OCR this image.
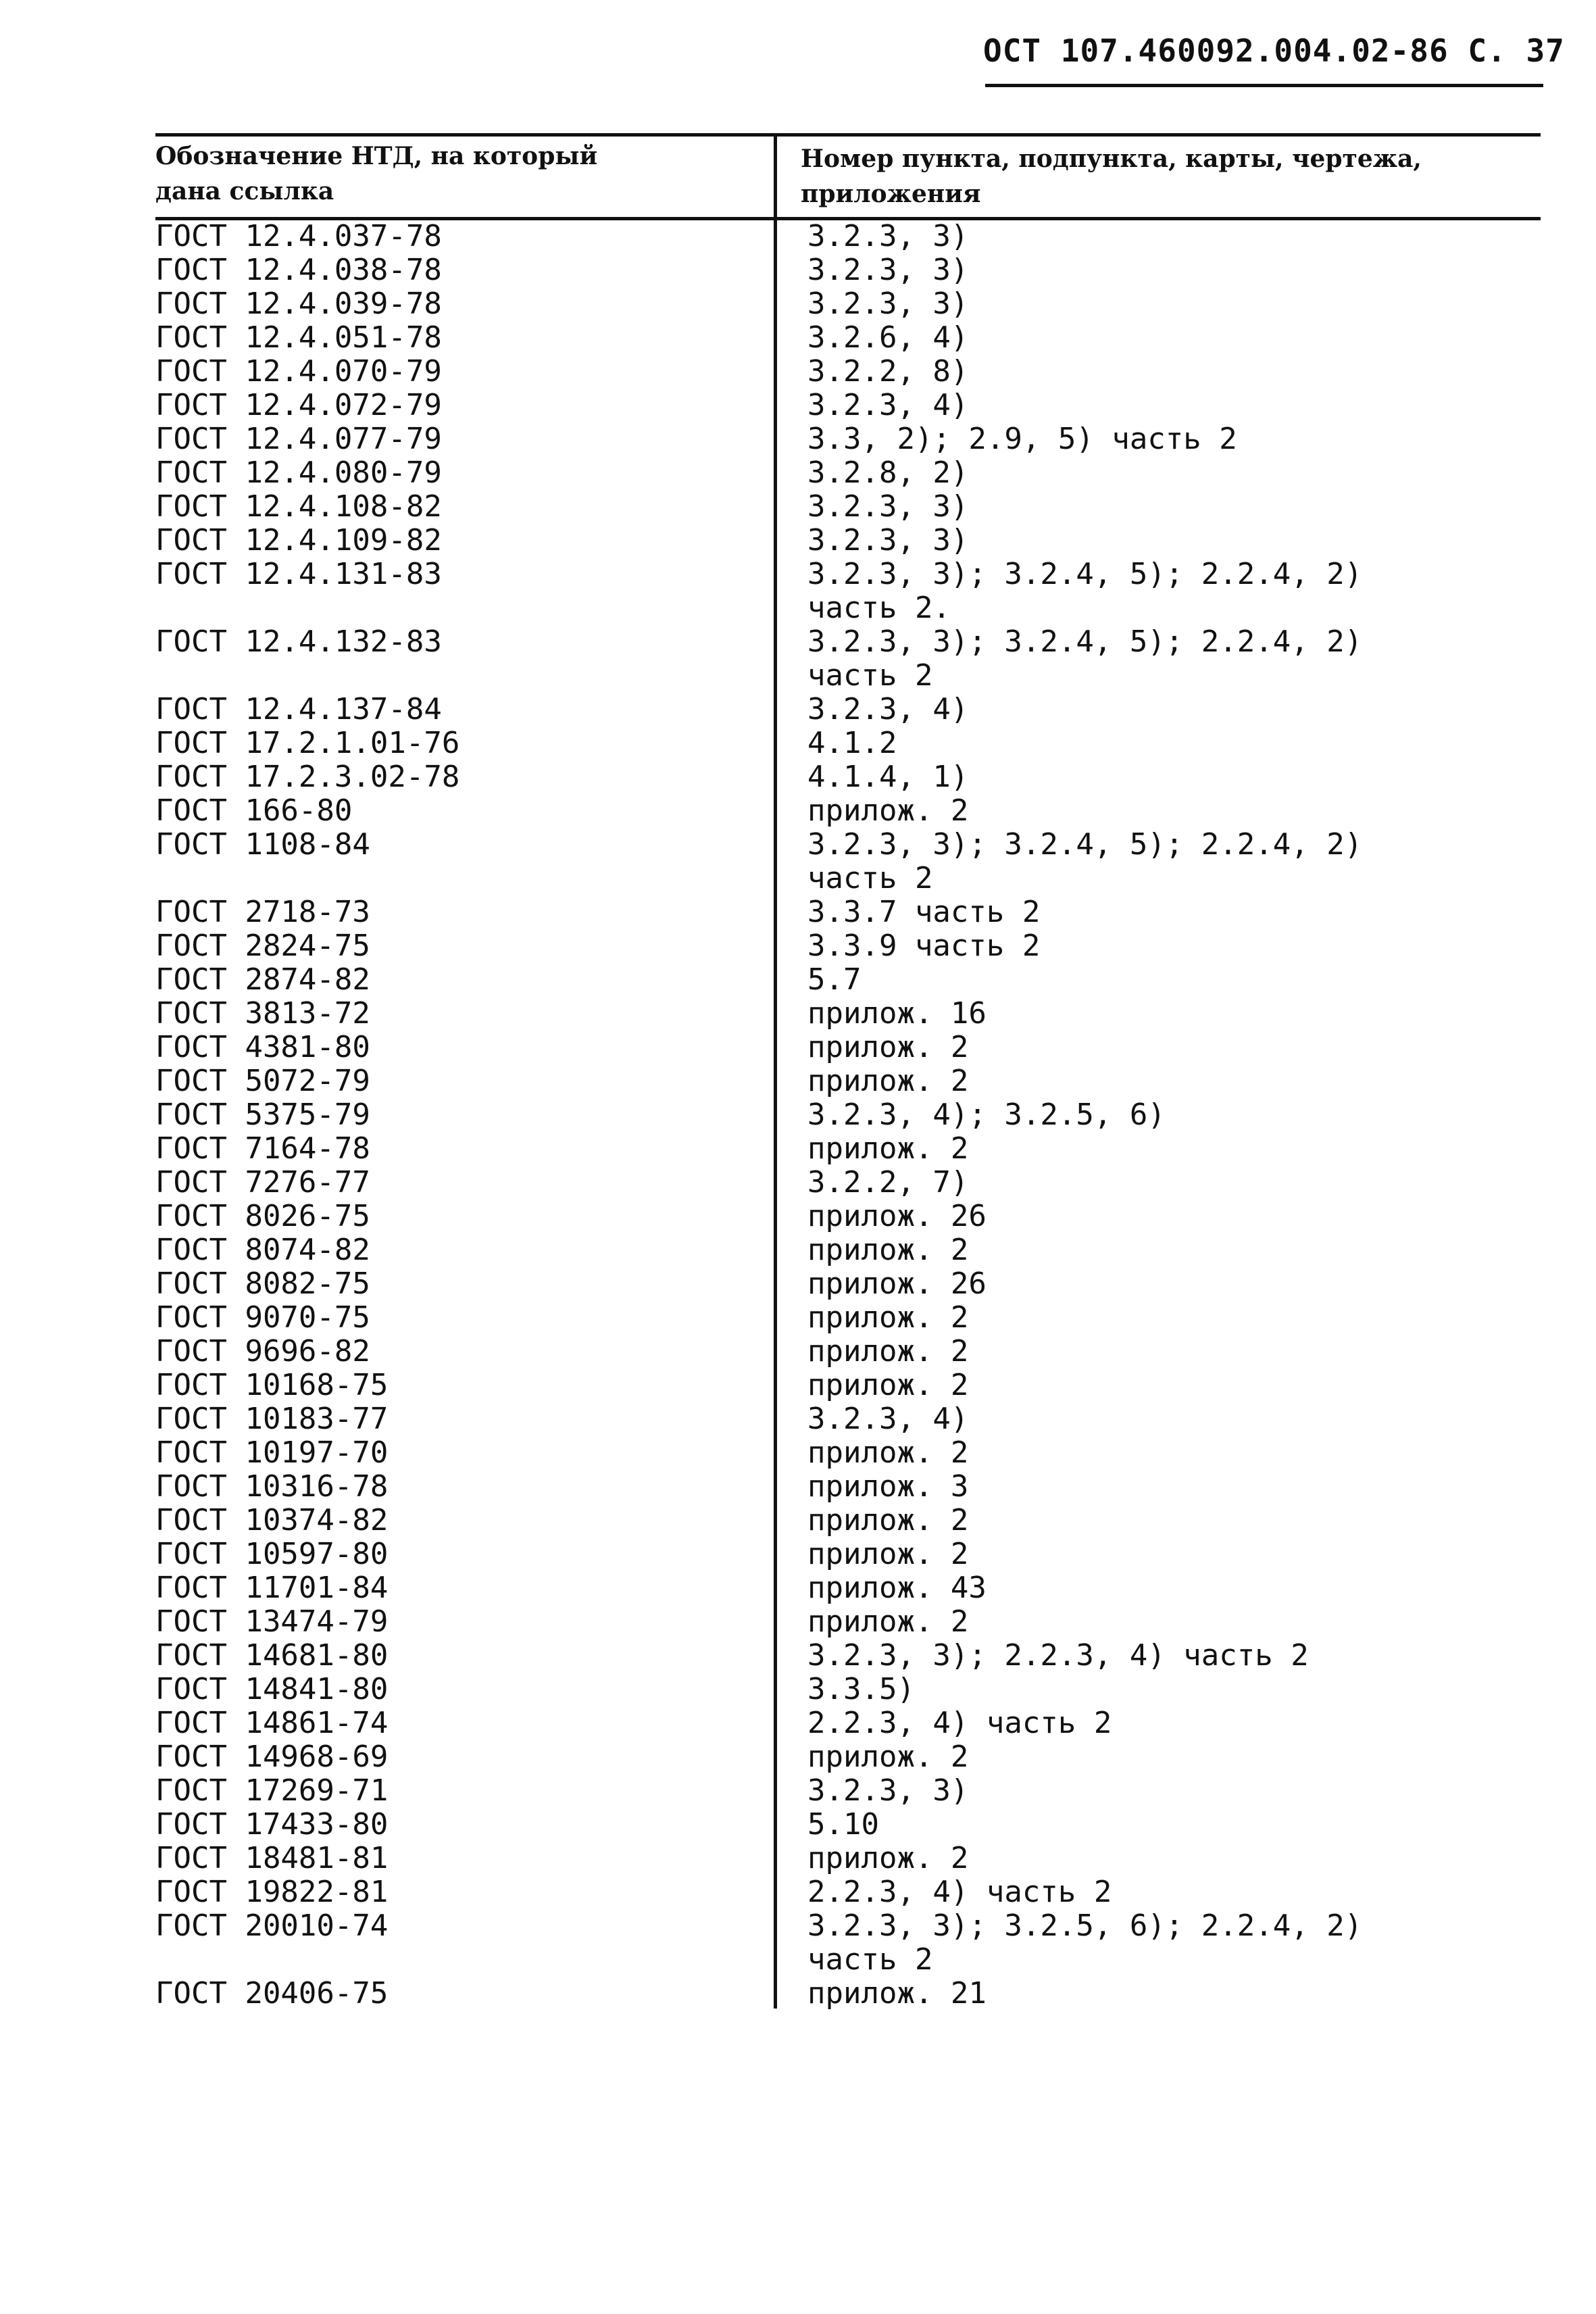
ОСТ 107.460092.004.02-86 С. 37
Обозначение НТД, на который
дана ссылка
Номер пункта, подпункта, карты, чертежа,
приложения
ГОСТ 12.4.037-78	3.2.3, 3)
ГОСТ 12.4.038-78	3.2.3, 3)
ГОСТ 12.4.039-78	3.2.3, 3)
ГОСТ 12.4.051-78	3.2.6, 4)
ГОСТ 12.4.070-79	3.2.2, 8)
ГОСТ 12.4.072-79	3.2.3, 4)
ГОСТ 12.4.077-79	3.3, 2); 2.9, 5) часть 2
ГОСТ 12.4.080-79	3.2.8, 2)
ГОСТ 12.4.108-82	3.2.3, 3)
ГОСТ 12.4.109-82	3.2.3, 3)
ГОСТ 12.4.131-83	3.2.3, 3); 3.2.4, 5); 2.2.4, 2)
часть 2.
ГОСТ 12.4.132-83	3.2.3, 3); 3.2.4, 5); 2.2.4, 2)
часть 2
ГОСТ 12.4.137-84	3.2.3, 4)
ГОСТ 17.2.1.01-76	4.1.2
ГОСТ 17.2.3.02-78	4.1.4, 1)
ГОСТ 166-80	прилож. 2
ГОСТ 1108-84	3.2.3, 3); 3.2.4, 5); 2.2.4, 2)
часть 2
ГОСТ 2718-73	3.3.7 часть 2
ГОСТ 2824-75	3.3.9 часть 2
ГОСТ 2874-82	5.7
ГОСТ 3813-72	прилож. 16
ГОСТ 4381-80	прилож. 2
ГОСТ 5072-79	прилож. 2
ГОСТ 5375-79	3.2.3, 4); 3.2.5, 6)
ГОСТ 7164-78	прилож. 2
ГОСТ 7276-77	3.2.2, 7)
ГОСТ 8026-75	прилож. 26
ГОСТ 8074-82	прилож. 2
ГОСТ 8082-75	прилож. 26
ГОСТ 9070-75	прилож. 2
ГОСТ 9696-82	прилож. 2
ГОСТ 10168-75	прилож. 2
ГОСТ 10183-77	3.2.3, 4)
ГОСТ 10197-70	прилож. 2
ГОСТ 10316-78	прилож. 3
ГОСТ 10374-82	прилож. 2
ГОСТ 10597-80	прилож. 2
ГОСТ 11701-84	прилож. 43
ГОСТ 13474-79	прилож. 2
ГОСТ 14681-80	3.2.3, 3); 2.2.3, 4) часть 2
ГОСТ 14841-80	3.3.5)
ГОСТ 14861-74	2.2.3, 4) часть 2
ГОСТ 14968-69	прилож. 2
ГОСТ 17269-71	3.2.3, 3)
ГОСТ 17433-80	5.10
ГОСТ 18481-81	прилож. 2
ГОСТ 19822-81	2.2.3, 4) часть 2
ГОСТ 20010-74	3.2.3, 3); 3.2.5, 6); 2.2.4, 2)
часть 2
ГОСТ 20406-75	прилож. 21
